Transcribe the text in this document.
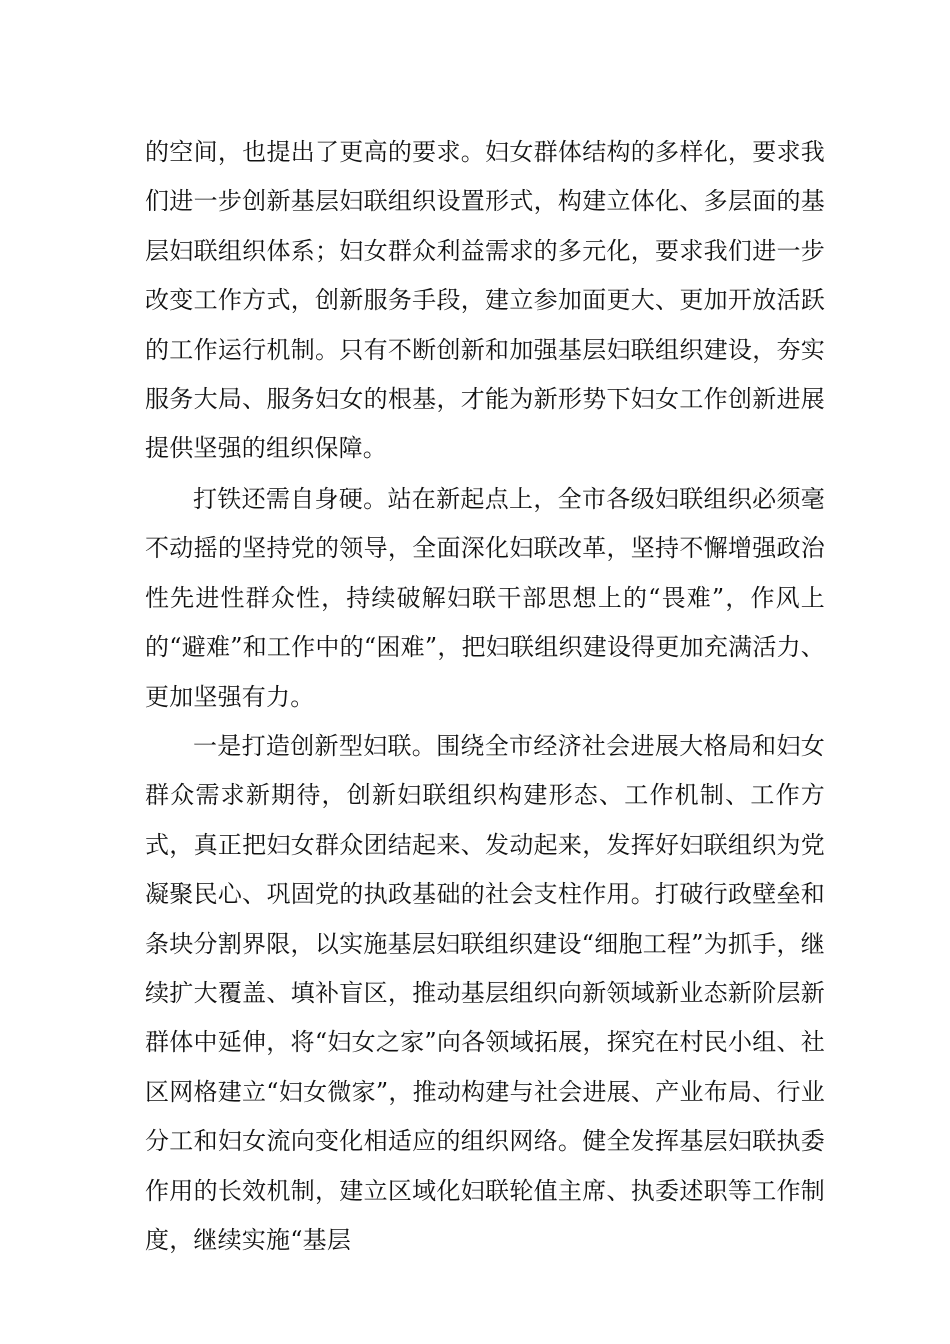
的空间，也提出了更高的要求。妇女群体结构的多样化，要求我们进一步创新基层妇联组织设置形式，构建立体化、多层面的基层妇联组织体系；妇女群众利益需求的多元化，要求我们进一步改变工作方式，创新服务手段，建立参加面更大、更加开放活跃的工作运行机制。只有不断创新和加强基层妇联组织建设，夯实服务大局、服务妇女的根基，才能为新形势下妇女工作创新进展提供坚强的组织保障。

打铁还需自身硬。站在新起点上，全市各级妇联组织必须毫不动摇的坚持党的领导，全面深化妇联改革，坚持不懈增强政治性先进性群众性，持续破解妇联干部思想上的“畏难”，作风上的“避难”和工作中的“困难”，把妇联组织建设得更加充满活力、更加坚强有力。

一是打造创新型妇联。围绕全市经济社会进展大格局和妇女群众需求新期待，创新妇联组织构建形态、工作机制、工作方式，真正把妇女群众团结起来、发动起来，发挥好妇联组织为党凝聚民心、巩固党的执政基础的社会支柱作用。打破行政壁垒和条块分割界限，以实施基层妇联组织建设“细胞工程”为抓手，继续扩大覆盖、填补盲区，推动基层组织向新领域新业态新阶层新群体中延伸，将“妇女之家”向各领域拓展，探究在村民小组、社区网格建立“妇女微家”，推动构建与社会进展、产业布局、行业分工和妇女流向变化相适应的组织网络。健全发挥基层妇联执委作用的长效机制，建立区域化妇联轮值主席、执委述职等工作制度，继续实施“基层
